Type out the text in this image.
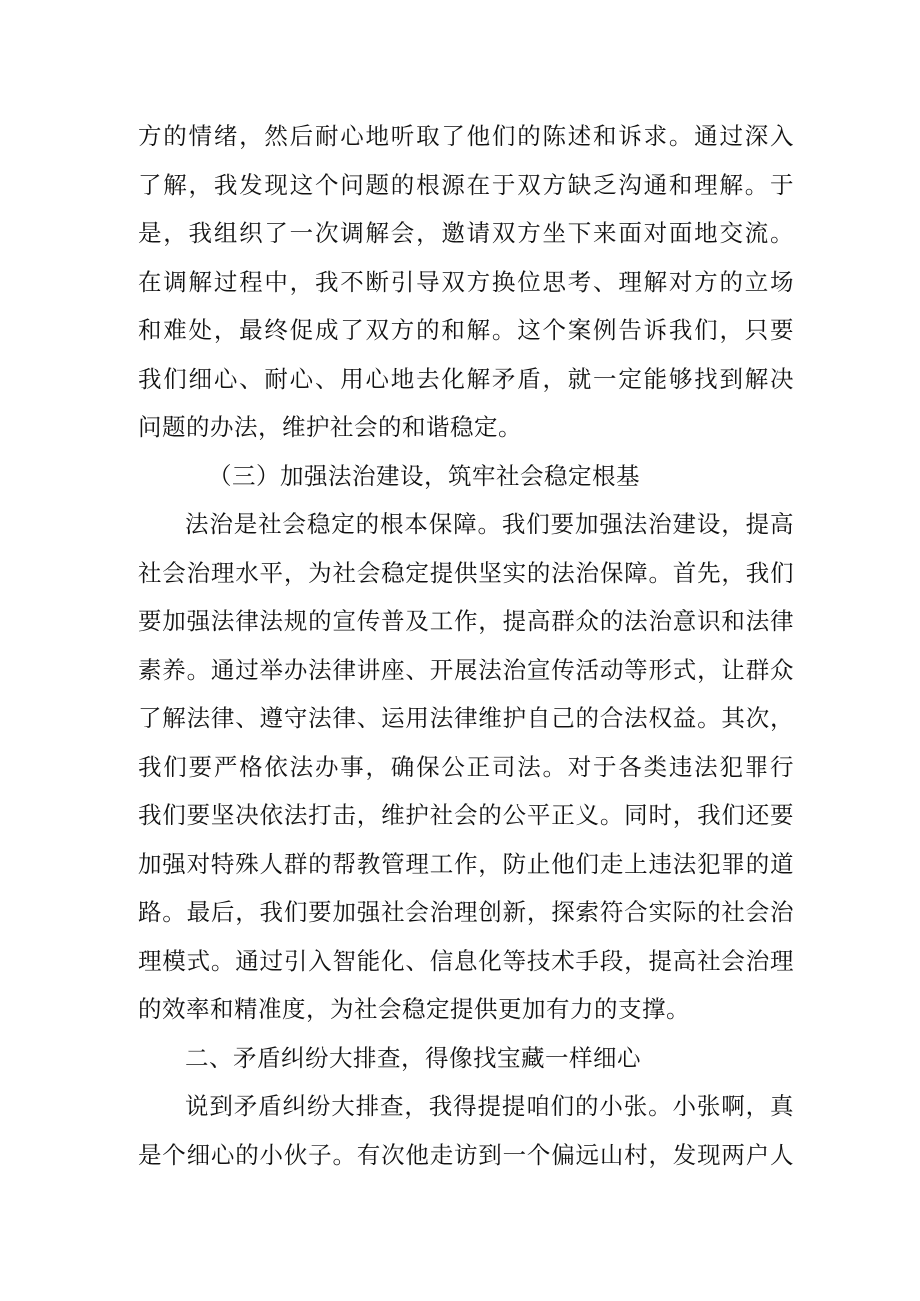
方的情绪，然后耐心地听取了他们的陈述和诉求。通过深入
了解，我发现这个问题的根源在于双方缺乏沟通和理解。于
是，我组织了一次调解会，邀请双方坐下来面对面地交流。
在调解过程中，我不断引导双方换位思考、理解对方的立场
和难处，最终促成了双方的和解。这个案例告诉我们，只要
我们细心、耐心、用心地去化解矛盾，就一定能够找到解决
问题的办法，维护社会的和谐稳定。
（三）加强法治建设，筑牢社会稳定根基
法治是社会稳定的根本保障。我们要加强法治建设，提高
社会治理水平，为社会稳定提供坚实的法治保障。首先，我们
要加强法律法规的宣传普及工作，提高群众的法治意识和法律
素养。通过举办法律讲座、开展法治宣传活动等形式，让群众
了解法律、遵守法律、运用法律维护自己的合法权益。其次，
我们要严格依法办事，确保公正司法。对于各类违法犯罪行
我们要坚决依法打击，维护社会的公平正义。同时，我们还要
加强对特殊人群的帮教管理工作，防止他们走上违法犯罪的道
路。最后，我们要加强社会治理创新，探索符合实际的社会治
理模式。通过引入智能化、信息化等技术手段，提高社会治理
的效率和精准度，为社会稳定提供更加有力的支撑。
二、矛盾纠纷大排查，得像找宝藏一样细心
说到矛盾纠纷大排查，我得提提咱们的小张。小张啊，真
是个细心的小伙子。有次他走访到一个偏远山村，发现两户人
